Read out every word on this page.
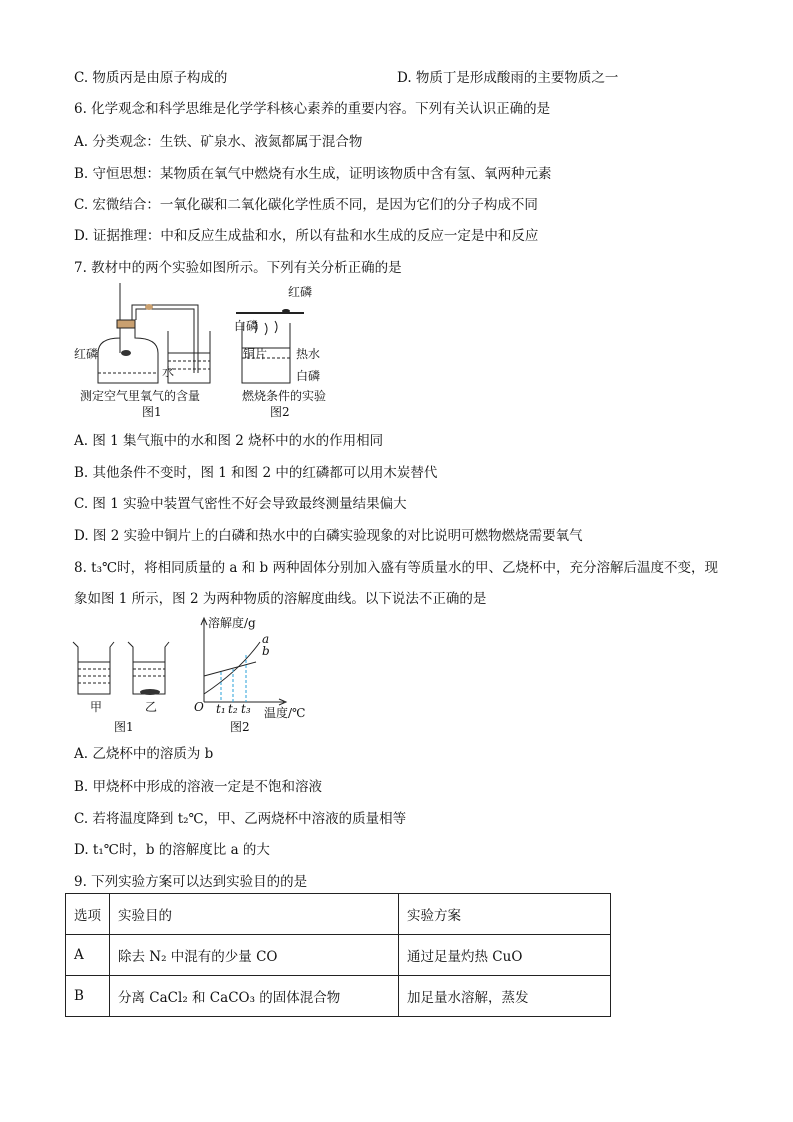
C. 物质丙是由原子构成的	D. 物质丁是形成酸雨的主要物质之一
6. 化学观念和科学思维是化学学科核心素养的重要内容。下列有关认识正确的是
A. 分类观念：生铁、矿泉水、液氮都属于混合物
B. 守恒思想：某物质在氧气中燃烧有水生成，证明该物质中含有氢、氧两种元素
C. 宏微结合：一氧化碳和二氧化碳化学性质不同，是因为它们的分子构成不同
D. 证据推理：中和反应生成盐和水，所以有盐和水生成的反应一定是中和反应
7. 教材中的两个实验如图所示。下列有关分析正确的是
红磷
水
测定空气里氧气的含量
图1
白磷
红磷
铜片 热水
白磷
燃烧条件的实验
图2
A. 图 1 集气瓶中的水和图 2 烧杯中的水的作用相同
B. 其他条件不变时，图 1 和图 2 中的红磷都可以用木炭替代
C. 图 1 实验中装置气密性不好会导致最终测量结果偏大
D. 图 2 实验中铜片上的白磷和热水中的白磷实验现象的对比说明可燃物燃烧需要氧气
8. t₃℃时，将相同质量的 a 和 b 两种固体分别加入盛有等质量水的甲、乙烧杯中，充分溶解后温度不变，现
象如图 1 所示，图 2 为两种物质的溶解度曲线。以下说法不正确的是
甲	乙
图1
溶解度/g
a
b
O t₁ t₂ t₃ 温度/℃
图2
A. 乙烧杯中的溶质为 b
B. 甲烧杯中形成的溶液一定是不饱和溶液
C. 若将温度降到 t₂℃，甲、乙两烧杯中溶液的质量相等
D. t₁℃时，b 的溶解度比 a 的大
9. 下列实验方案可以达到实验目的的是
选项	实验目的	实验方案
A	除去 N₂ 中混有的少量 CO	通过足量灼热 CuO
B	分离 CaCl₂ 和 CaCO₃ 的固体混合物	加足量水溶解，蒸发
